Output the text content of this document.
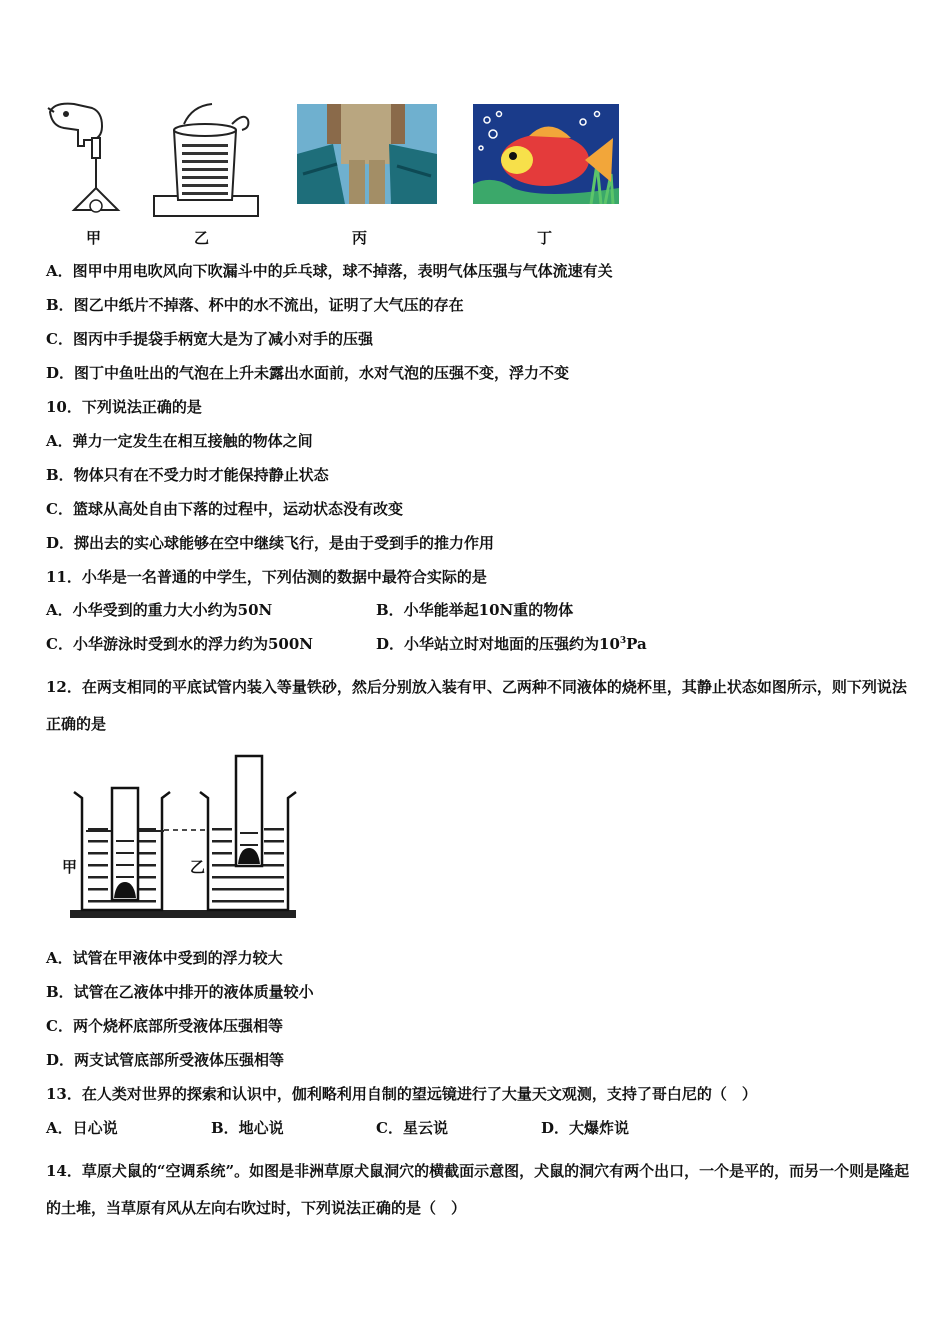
甲	乙	丙	丁
A．图甲中用电吹风向下吹漏斗中的乒乓球，球不掉落，表明气体压强与气体流速有关
B．图乙中纸片不掉落、杯中的水不流出，证明了大气压的存在
C．图丙中手提袋手柄宽大是为了减小对手的压强
D．图丁中鱼吐出的气泡在上升未露出水面前，水对气泡的压强不变，浮力不变
10．下列说法正确的是
A．弹力一定发生在相互接触的物体之间
B．物体只有在不受力时才能保持静止状态
C．篮球从高处自由下落的过程中，运动状态没有改变
D．掷出去的实心球能够在空中继续飞行，是由于受到手的推力作用
11．小华是一名普通的中学生，下列估测的数据中最符合实际的是
A．小华受到的重力大小约为50N	B．小华能举起10N重的物体
C．小华游泳时受到水的浮力约为500N	D．小华站立时对地面的压强约为$10^3Pa$
12．在两支相同的平底试管内装入等量铁砂，然后分别放入装有甲、乙两种不同液体的烧杯里，其静止状态如图所示，则下列说法正确的是
甲	乙
A．试管在甲液体中受到的浮力较大
B．试管在乙液体中排开的液体质量较小
C．两个烧杯底部所受液体压强相等
D．两支试管底部所受液体压强相等
13．在人类对世界的探索和认识中，伽利略利用自制的望远镜进行了大量天文观测，支持了哥白尼的（　）
A．日心说	B．地心说	C．星云说	D．大爆炸说
14．草原犬鼠的“空调系统”。如图是非洲草原犬鼠洞穴的横截面示意图，犬鼠的洞穴有两个出口，一个是平的，而另一个则是隆起的土堆，当草原有风从左向右吹过时，下列说法正确的是（　）
